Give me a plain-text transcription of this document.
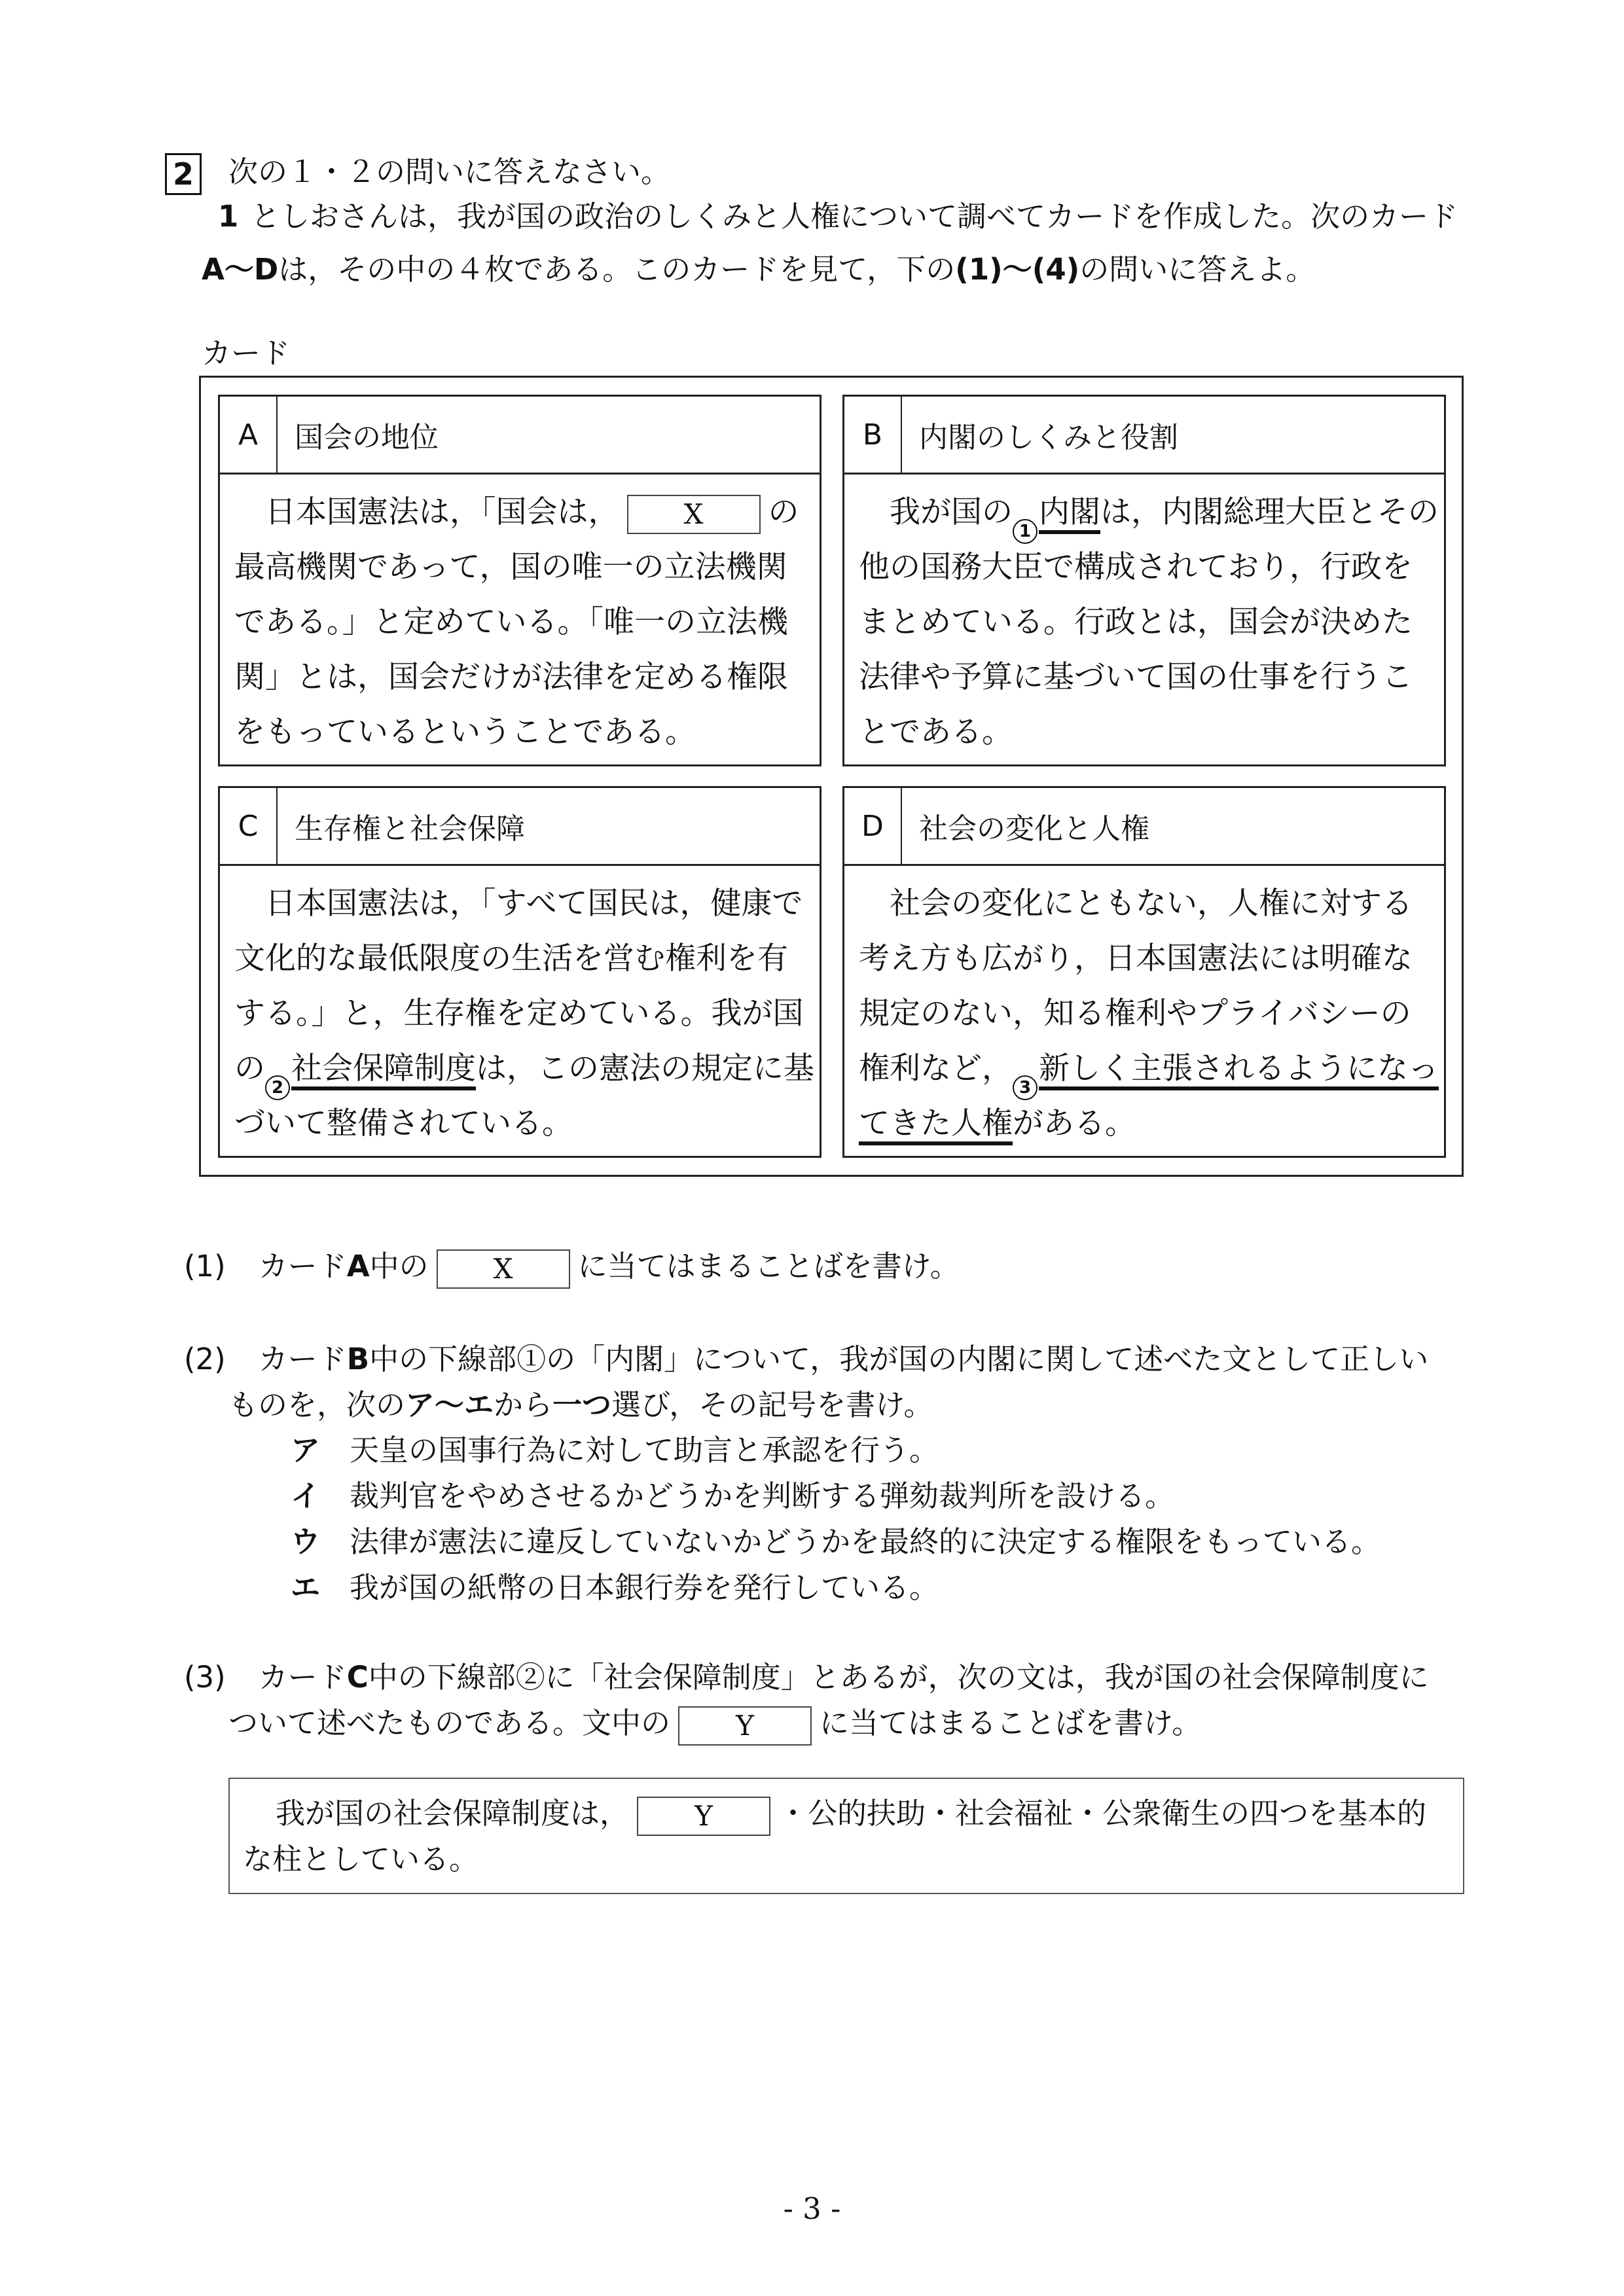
2 次の１・２の問いに答えなさい。
1 としおさんは，我が国の政治のしくみと人権について調べてカードを作成した。次のカード
A〜Dは，その中の４枚である。このカードを見て，下の(1)〜(4)の問いに答えよ。
カード
A	国会の地位
日本国憲法は，「国会は， X の
最高機関であって，国の唯一の立法機関
である。」と定めている。「唯一の立法機
関」とは，国会だけが法律を定める権限
をもっているということである。
B	内閣のしくみと役割
我が国の1内閣は，内閣総理大臣とその
他の国務大臣で構成されており，行政を
まとめている。行政とは，国会が決めた
法律や予算に基づいて国の仕事を行うこ
とである。
C	生存権と社会保障
日本国憲法は，「すべて国民は，健康で
文化的な最低限度の生活を営む権利を有
する。」と，生存権を定めている。我が国
の2社会保障制度は，この憲法の規定に基
づいて整備されている。
D	社会の変化と人権
社会の変化にともない，人権に対する
考え方も広がり，日本国憲法には明確な
規定のない，知る権利やプライバシーの
権利など，3新しく主張されるようになっ
てきた人権がある。
(1) カードA中の X に当てはまることばを書け。
(2) カードB中の下線部①の「内閣」について，我が国の内閣に関して述べた文として正しい
ものを，次のア〜エから一つ選び，その記号を書け。
ア 天皇の国事行為に対して助言と承認を行う。
イ 裁判官をやめさせるかどうかを判断する弾劾裁判所を設ける。
ウ 法律が憲法に違反していないかどうかを最終的に決定する権限をもっている。
エ 我が国の紙幣の日本銀行券を発行している。
(3) カードC中の下線部②に「社会保障制度」とあるが，次の文は，我が国の社会保障制度に
ついて述べたものである。文中の Y に当てはまることばを書け。
我が国の社会保障制度は， Y ・公的扶助・社会福祉・公衆衛生の四つを基本的
な柱としている。
- 3 -
